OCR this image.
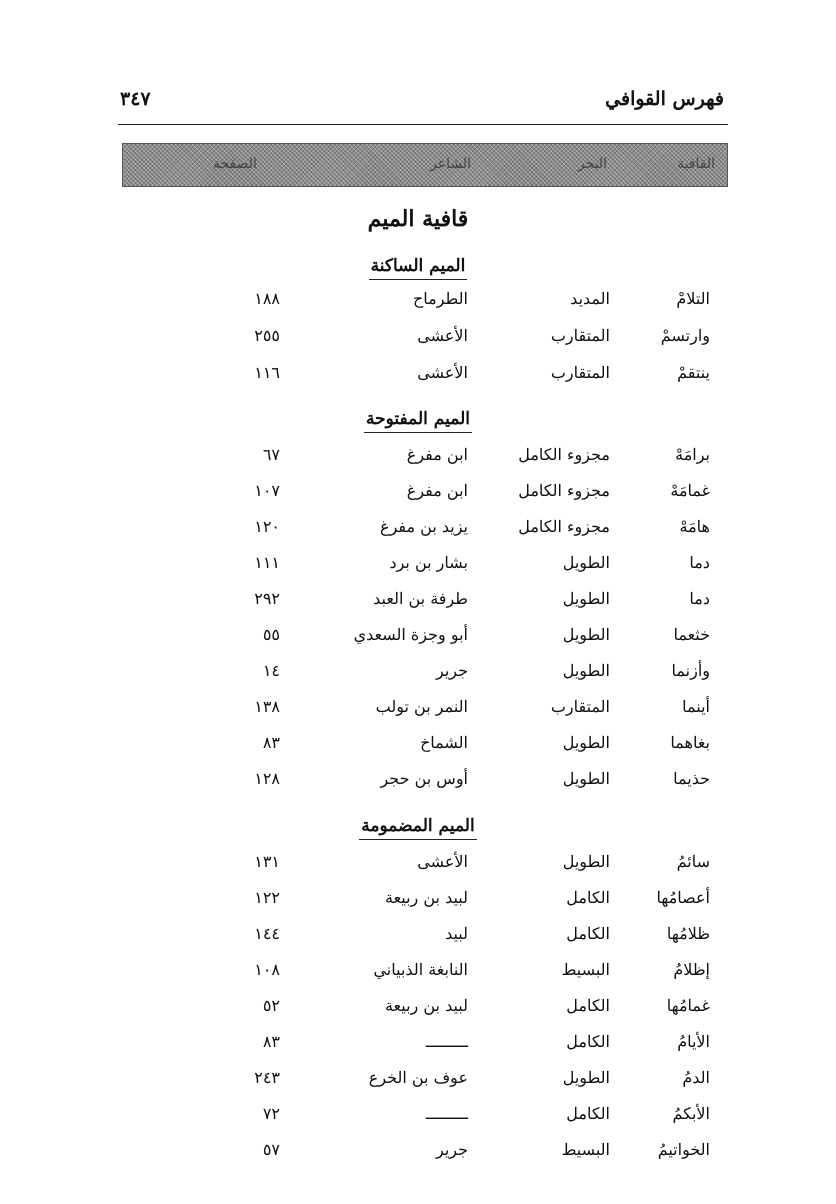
فهرس القوافي
٣٤٧
القافية
البحر
الشاعر
الصفحة
قافية الميم
الميم الساكنة
التلامْ
المديد
الطرماح
١٨٨
وارتسمْ
المتقارب
الأعشى
٢٥٥
ينتقمْ
المتقارب
الأعشى
١١٦
الميم المفتوحة
برامَهْ
مجزوء الكامل
ابن مفرغ
٦٧
غمامَهْ
مجزوء الكامل
ابن مفرغ
١٠٧
هامَهْ
مجزوء الكامل
يزيد بن مفرغ
١٢٠
دما
الطويل
بشار بن برد
١١١
دما
الطويل
طرفة بن العبد
٢٩٢
خثعما
الطويل
أبو وجزة السعدي
٥٥
وأزنما
الطويل
جرير
١٤
أينما
المتقارب
النمر بن تولب
١٣٨
بغاهما
الطويل
الشماخ
٨٣
حذيما
الطويل
أوس بن حجر
١٢٨
الميم المضمومة
سائمُ
الطويل
الأعشى
١٣١
أعصامُها
الكامل
لبيد بن ربيعة
١٢٢
ظلامُها
الكامل
لبيد
١٤٤
إظلامُ
البسيط
النابغة الذبياني
١٠٨
غمامُها
الكامل
لبيد بن ربيعة
٥٢
الأيامُ
الكامل
ـــــــــ
٨٣
الدمُ
الطويل
عوف بن الخرع
٢٤٣
الأبكمُ
الكامل
ـــــــــ
٧٢
الخواتيمُ
البسيط
جرير
٥٧
